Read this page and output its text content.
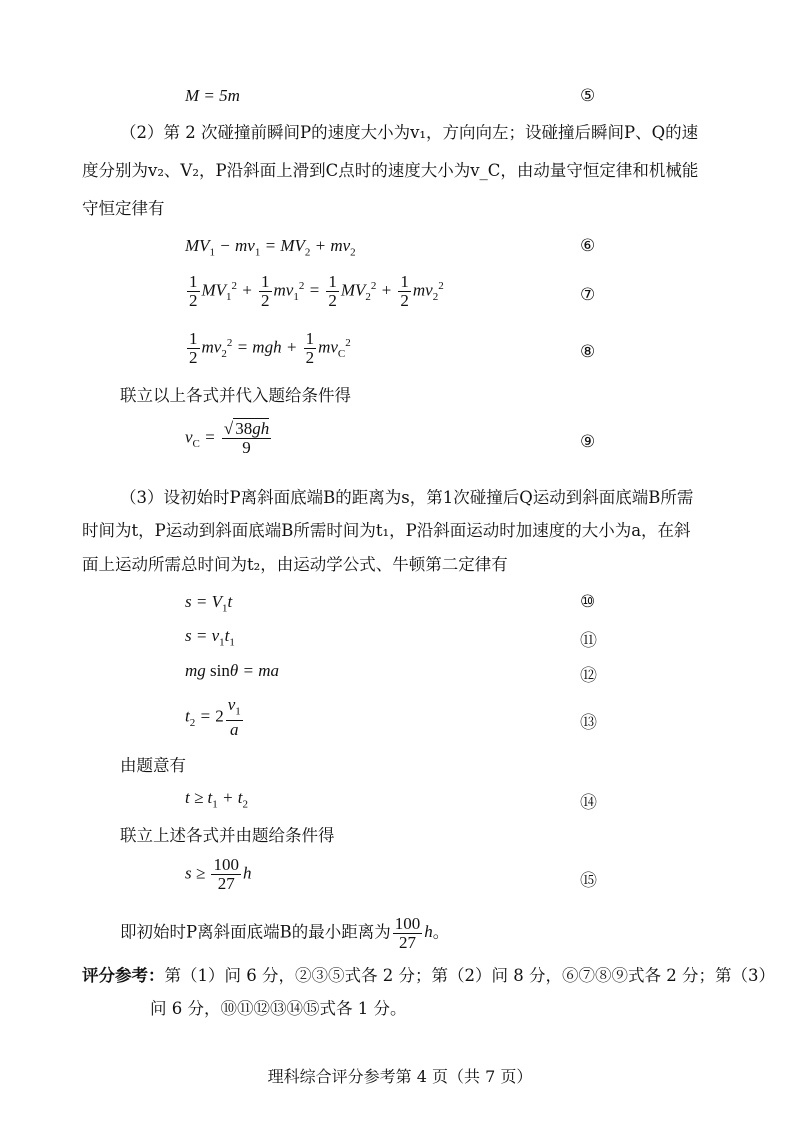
M = 5m	⑤
（2）第 2 次碰撞前瞬间P的速度大小为v₁，方向向左；设碰撞后瞬间P、Q的速
度分别为v₂、V₂，P沿斜面上滑到C点时的速度大小为v_C，由动量守恒定律和机械能
守恒定律有
$MV_1 - mv_1 = MV_2 + mv_2$	⑥
$\frac{1}{2} MV_1^2 + \frac{1}{2} mv_1^2 = \frac{1}{2} MV_2^2 + \frac{1}{2} mv_2^2$	⑦
$\frac{1}{2} mv_2^2$ = mgh + $\frac{1}{2} mv_C^2$	⑧
联立以上各式并代入题给条件得
$v_C = \frac{√ 38gh}{9}$	⑨
（3）设初始时P离斜面底端B的距离为s，第1次碰撞后Q运动到斜面底端B所需
时间为t，P运动到斜面底端B所需时间为t₁，P沿斜面运动时加速度的大小为a，在斜
面上运动所需总时间为t₂，由运动学公式、牛顿第二定律有
$s = V_1t$	⑩
$s = v_1t_1$	⑪
mg sinθ = ma	⑫
$t_2 = 2 \frac{v_1}{a}$	⑬
由题意有
$t \ge t_1 + t_2$	⑭
联立上述各式并由题给条件得
$s \ge \frac{100}{27}$ h	⑮
即初始时P离斜面底端B的最小距离为 $\frac{100}{27}$ h。
评分参考：第（1）问 6 分，②③⑤式各 2 分；第（2）问 8 分，⑥⑦⑧⑨式各 2 分；第（3）
问 6 分，⑩⑪⑫⑬⑭⑮式各 1 分。
理科综合评分参考第 4 页（共 7 页）
